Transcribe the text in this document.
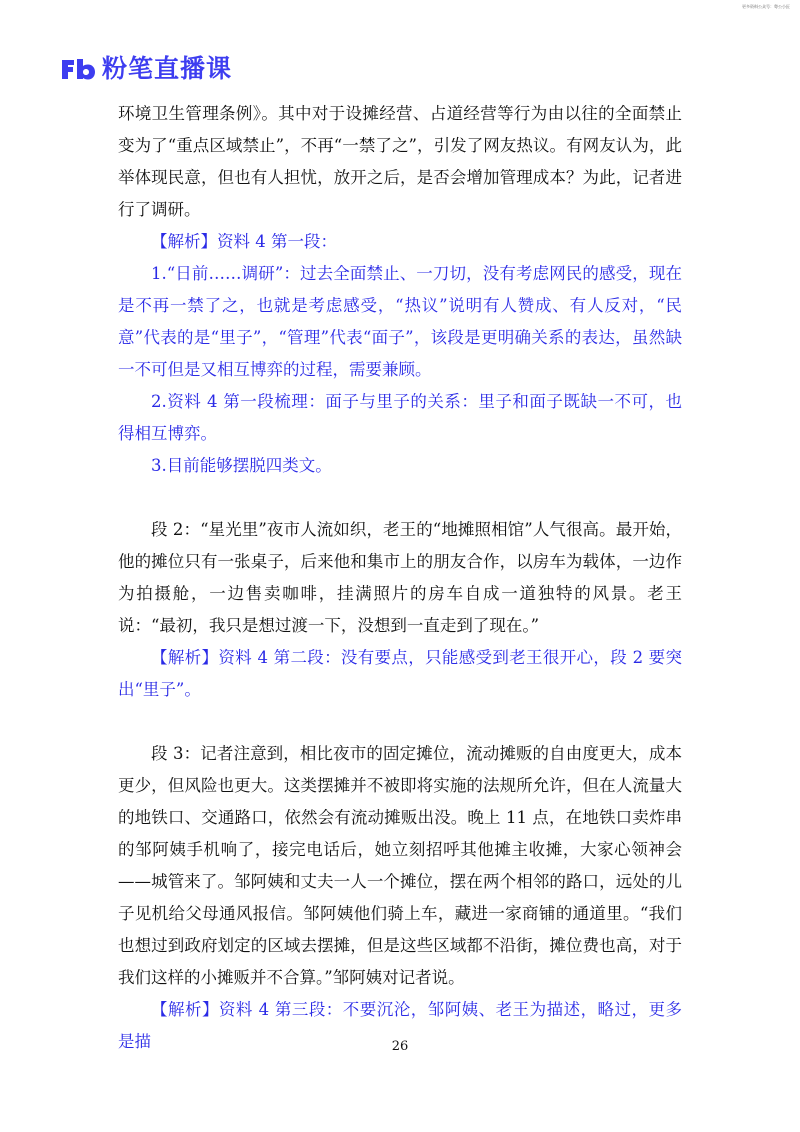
更多资料公众号：粤公小匠
粉笔直播课

环境卫生管理条例》。其中对于设摊经营、占道经营等行为由以往的全面禁止变为了“重点区域禁止”，不再“一禁了之”，引发了网友热议。有网友认为，此举体现民意，但也有人担忧，放开之后，是否会增加管理成本？为此，记者进行了调研。

【解析】资料 4 第一段：

1.“日前……调研”：过去全面禁止、一刀切，没有考虑网民的感受，现在是不再一禁了之，也就是考虑感受，“热议”说明有人赞成、有人反对，“民意”代表的是“里子”，“管理”代表“面子”，该段是更明确关系的表达，虽然缺一不可但是又相互博弈的过程，需要兼顾。

2.资料 4 第一段梳理：面子与里子的关系：里子和面子既缺一不可，也得相互博弈。

3.目前能够摆脱四类文。

段 2：“星光里”夜市人流如织，老王的“地摊照相馆”人气很高。最开始，他的摊位只有一张桌子，后来他和集市上的朋友合作，以房车为载体，一边作为拍摄舱，一边售卖咖啡，挂满照片的房车自成一道独特的风景。老王说：“最初，我只是想过渡一下，没想到一直走到了现在。”

【解析】资料 4 第二段：没有要点，只能感受到老王很开心，段 2 要突出“里子”。

段 3：记者注意到，相比夜市的固定摊位，流动摊贩的自由度更大，成本更少，但风险也更大。这类摆摊并不被即将实施的法规所允许，但在人流量大的地铁口、交通路口，依然会有流动摊贩出没。晚上 11 点，在地铁口卖炸串的邹阿姨手机响了，接完电话后，她立刻招呼其他摊主收摊，大家心领神会——城管来了。邹阿姨和丈夫一人一个摊位，摆在两个相邻的路口，远处的儿子见机给父母通风报信。邹阿姨他们骑上车，藏进一家商铺的通道里。“我们也想过到政府划定的区域去摆摊，但是这些区域都不沿街，摊位费也高，对于我们这样的小摊贩并不合算。”邹阿姨对记者说。

【解析】资料 4 第三段：不要沉沦，邹阿姨、老王为描述，略过，更多是描	26
